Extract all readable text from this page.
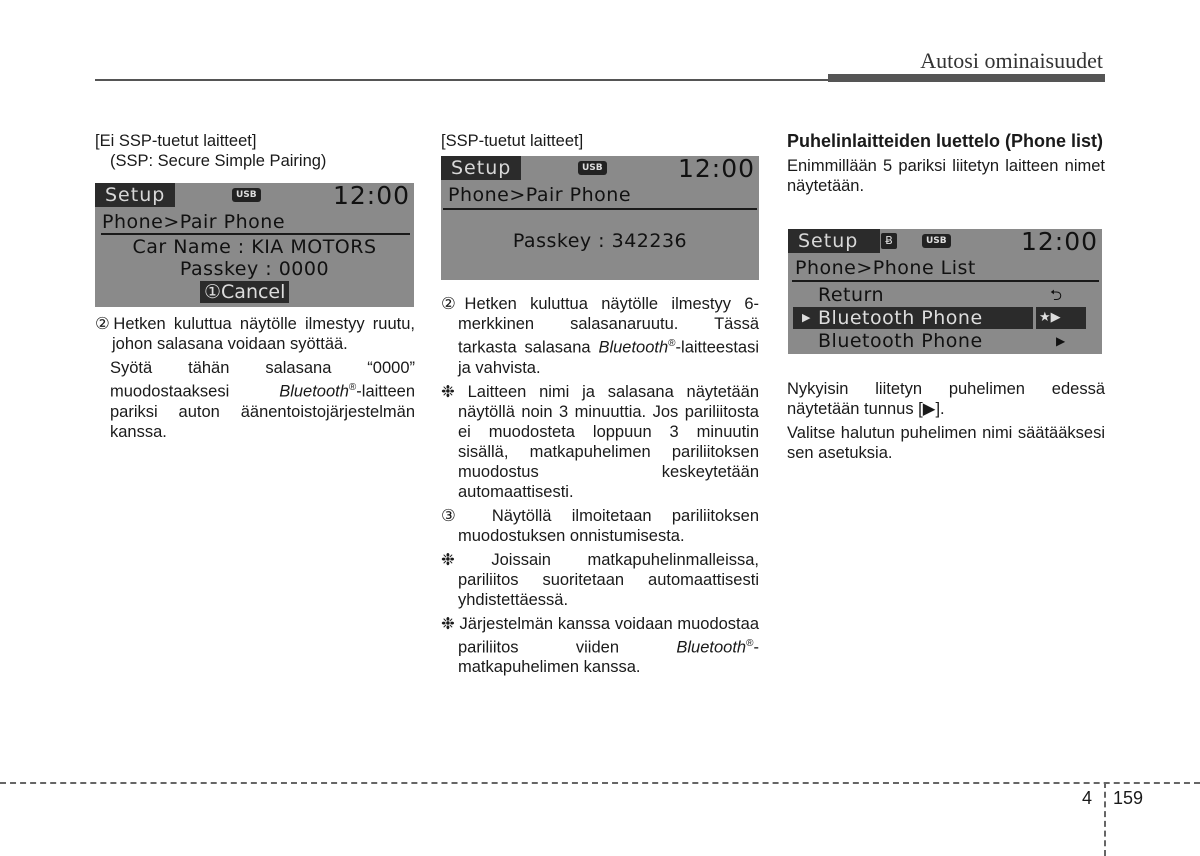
Autosi ominaisuudet

[Ei SSP-tuetut laitteet]

(SSP: Secure Simple Pairing)

Setup	USB	12:00
Phone>Pair Phone
Car Name : KIA MOTORS
Passkey : 0000
①Cancel

②Hetken kuluttua näytölle ilmestyy ruutu, johon salasana voidaan syöttää.

Syötä tähän salasana “0000” muodostaaksesi Bluetooth®-laitteen pariksi auton äänentoistojärjestelmän kanssa.

[SSP-tuetut laitteet]

Setup	USB	12:00
Phone>Pair Phone
Passkey : 342236

②Hetken kuluttua näytölle ilmestyy 6-merkkinen salasanaruutu. Tässä tarkasta salasana Bluetooth®-laitteestasi ja vahvista.

❉ Laitteen nimi ja salasana näytetään näytöllä noin 3 minuuttia. Jos pariliitosta ei muodosteta loppuun 3 minuutin sisällä, matkapuhelimen pariliitoksen muodostus keskeytetään automaattisesti.

③ Näytöllä ilmoitetaan pariliitoksen muodostuksen onnistumisesta.

❉ Joissain matkapuhelinmalleissa, pariliitos suoritetaan automaattisesti yhdistettäessä.

❉ Järjestelmän kanssa voidaan muodostaa pariliitos viiden Bluetooth®-matkapuhelimen kanssa.

Puhelinlaitteiden luettelo (Phone list)

Enimmillään 5 pariksi liitetyn laitteen nimet näytetään.

Setup	Ƀ	USB	12:00
Phone>Phone List
Return	⮌
▶ Bluetooth Phone	★▶
Bluetooth Phone	▶

Nykyisin liitetyn puhelimen edessä näytetään tunnus [▶].

Valitse halutun puhelimen nimi säätääksesi sen asetuksia.

4 159
